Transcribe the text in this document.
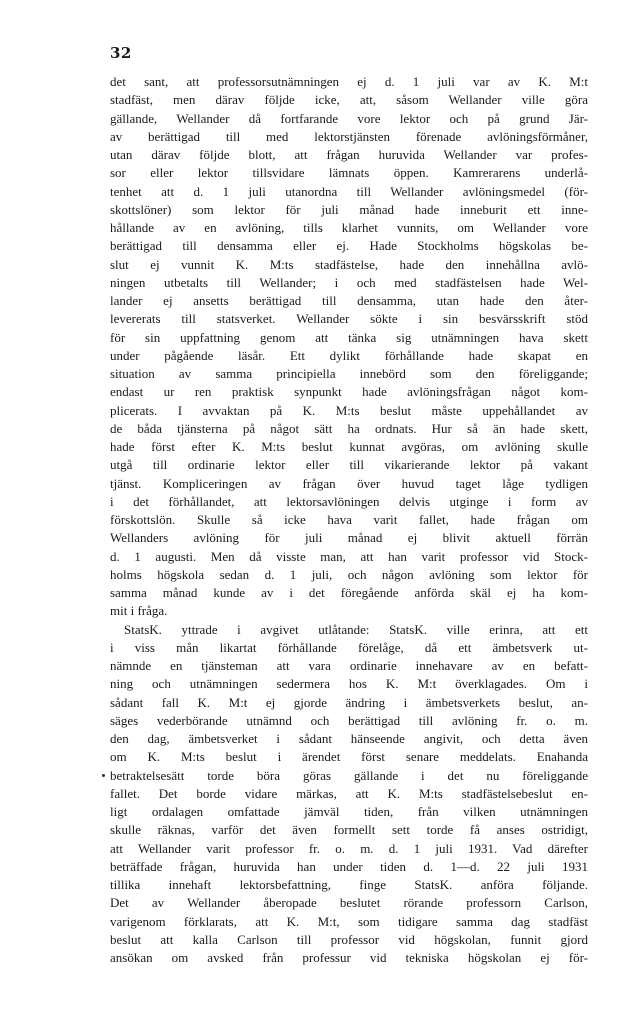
32
det sant, att professorsutnämningen ej d. 1 juli var av K. M:t
stadfäst, men därav följde icke, att, såsom Wellander ville göra
gällande, Wellander då fortfarande vore lektor och på grund Jär-
av berättigad till med lektorstjänsten förenade avlöningsförmåner,
utan därav följde blott, att frågan huruvida Wellander var profes-
sor eller lektor tillsvidare lämnats öppen. Kamrerarens underlå-
tenhet att d. 1 juli utanordna till Wellander avlöningsmedel (för-
skottslöner) som lektor för juli månad hade inneburit ett inne-
hållande av en avlöning, tills klarhet vunnits, om Wellander vore
berättigad till densamma eller ej. Hade Stockholms högskolas be-
slut ej vunnit K. M:ts stadfästelse, hade den innehållna avlö-
ningen utbetalts till Wellander; i och med stadfästelsen hade Wel-
lander ej ansetts berättigad till densamma, utan hade den åter-
levererats till statsverket. Wellander sökte i sin besvärsskrift stöd
för sin uppfattning genom att tänka sig utnämningen hava skett
under pågående läsår. Ett dylikt förhållande hade skapat en
situation av samma principiella innebörd som den föreliggande;
endast ur ren praktisk synpunkt hade avlöningsfrågan något kom-
plicerats. I avvaktan på K. M:ts beslut måste uppehållandet av
de båda tjänsterna på något sätt ha ordnats. Hur så än hade skett,
hade först efter K. M:ts beslut kunnat avgöras, om avlöning skulle
utgå till ordinarie lektor eller till vikarierande lektor på vakant
tjänst. Kompliceringen av frågan över huvud taget låge tydligen
i det förhållandet, att lektorsavlöningen delvis utginge i form av
förskottslön. Skulle så icke hava varit fallet, hade frågan om
Wellanders avlöning för juli månad ej blivit aktuell förrän
d. 1 augusti. Men då visste man, att han varit professor vid Stock-
holms högskola sedan d. 1 juli, och någon avlöning som lektor för
samma månad kunde av i det föregående anförda skäl ej ha kom-
mit i fråga.
StatsK. yttrade i avgivet utlåtande: StatsK. ville erinra, att ett
i viss mån likartat förhållande förelåge, då ett ämbetsverk ut-
nämnde en tjänsteman att vara ordinarie innehavare av en befatt-
ning och utnämningen sedermera hos K. M:t överklagades. Om i
sådant fall K. M:t ej gjorde ändring i ämbetsverkets beslut, an-
säges vederbörande utnämnd och berättigad till avlöning fr. o. m.
den dag, ämbetsverket i sådant hänseende angivit, och detta även
om K. M:ts beslut i ärendet först senare meddelats. Enahanda
betraktelsesätt torde böra göras gällande i det nu föreliggande
fallet. Det borde vidare märkas, att K. M:ts stadfästelsebeslut en-
ligt ordalagen omfattade jämväl tiden, från vilken utnämningen
skulle räknas, varför det även formellt sett torde få anses ostridigt,
att Wellander varit professor fr. o. m. d. 1 juli 1931. Vad därefter
beträffade frågan, huruvida han under tiden d. 1—d. 22 juli 1931
tillika innehaft lektorsbefattning, finge StatsK. anföra följande.
Det av Wellander åberopade beslutet rörande professorn Carlson,
varigenom förklarats, att K. M:t, som tidigare samma dag stadfäst
beslut att kalla Carlson till professor vid högskolan, funnit gjord
ansökan om avsked från professur vid tekniska högskolan ej för-
